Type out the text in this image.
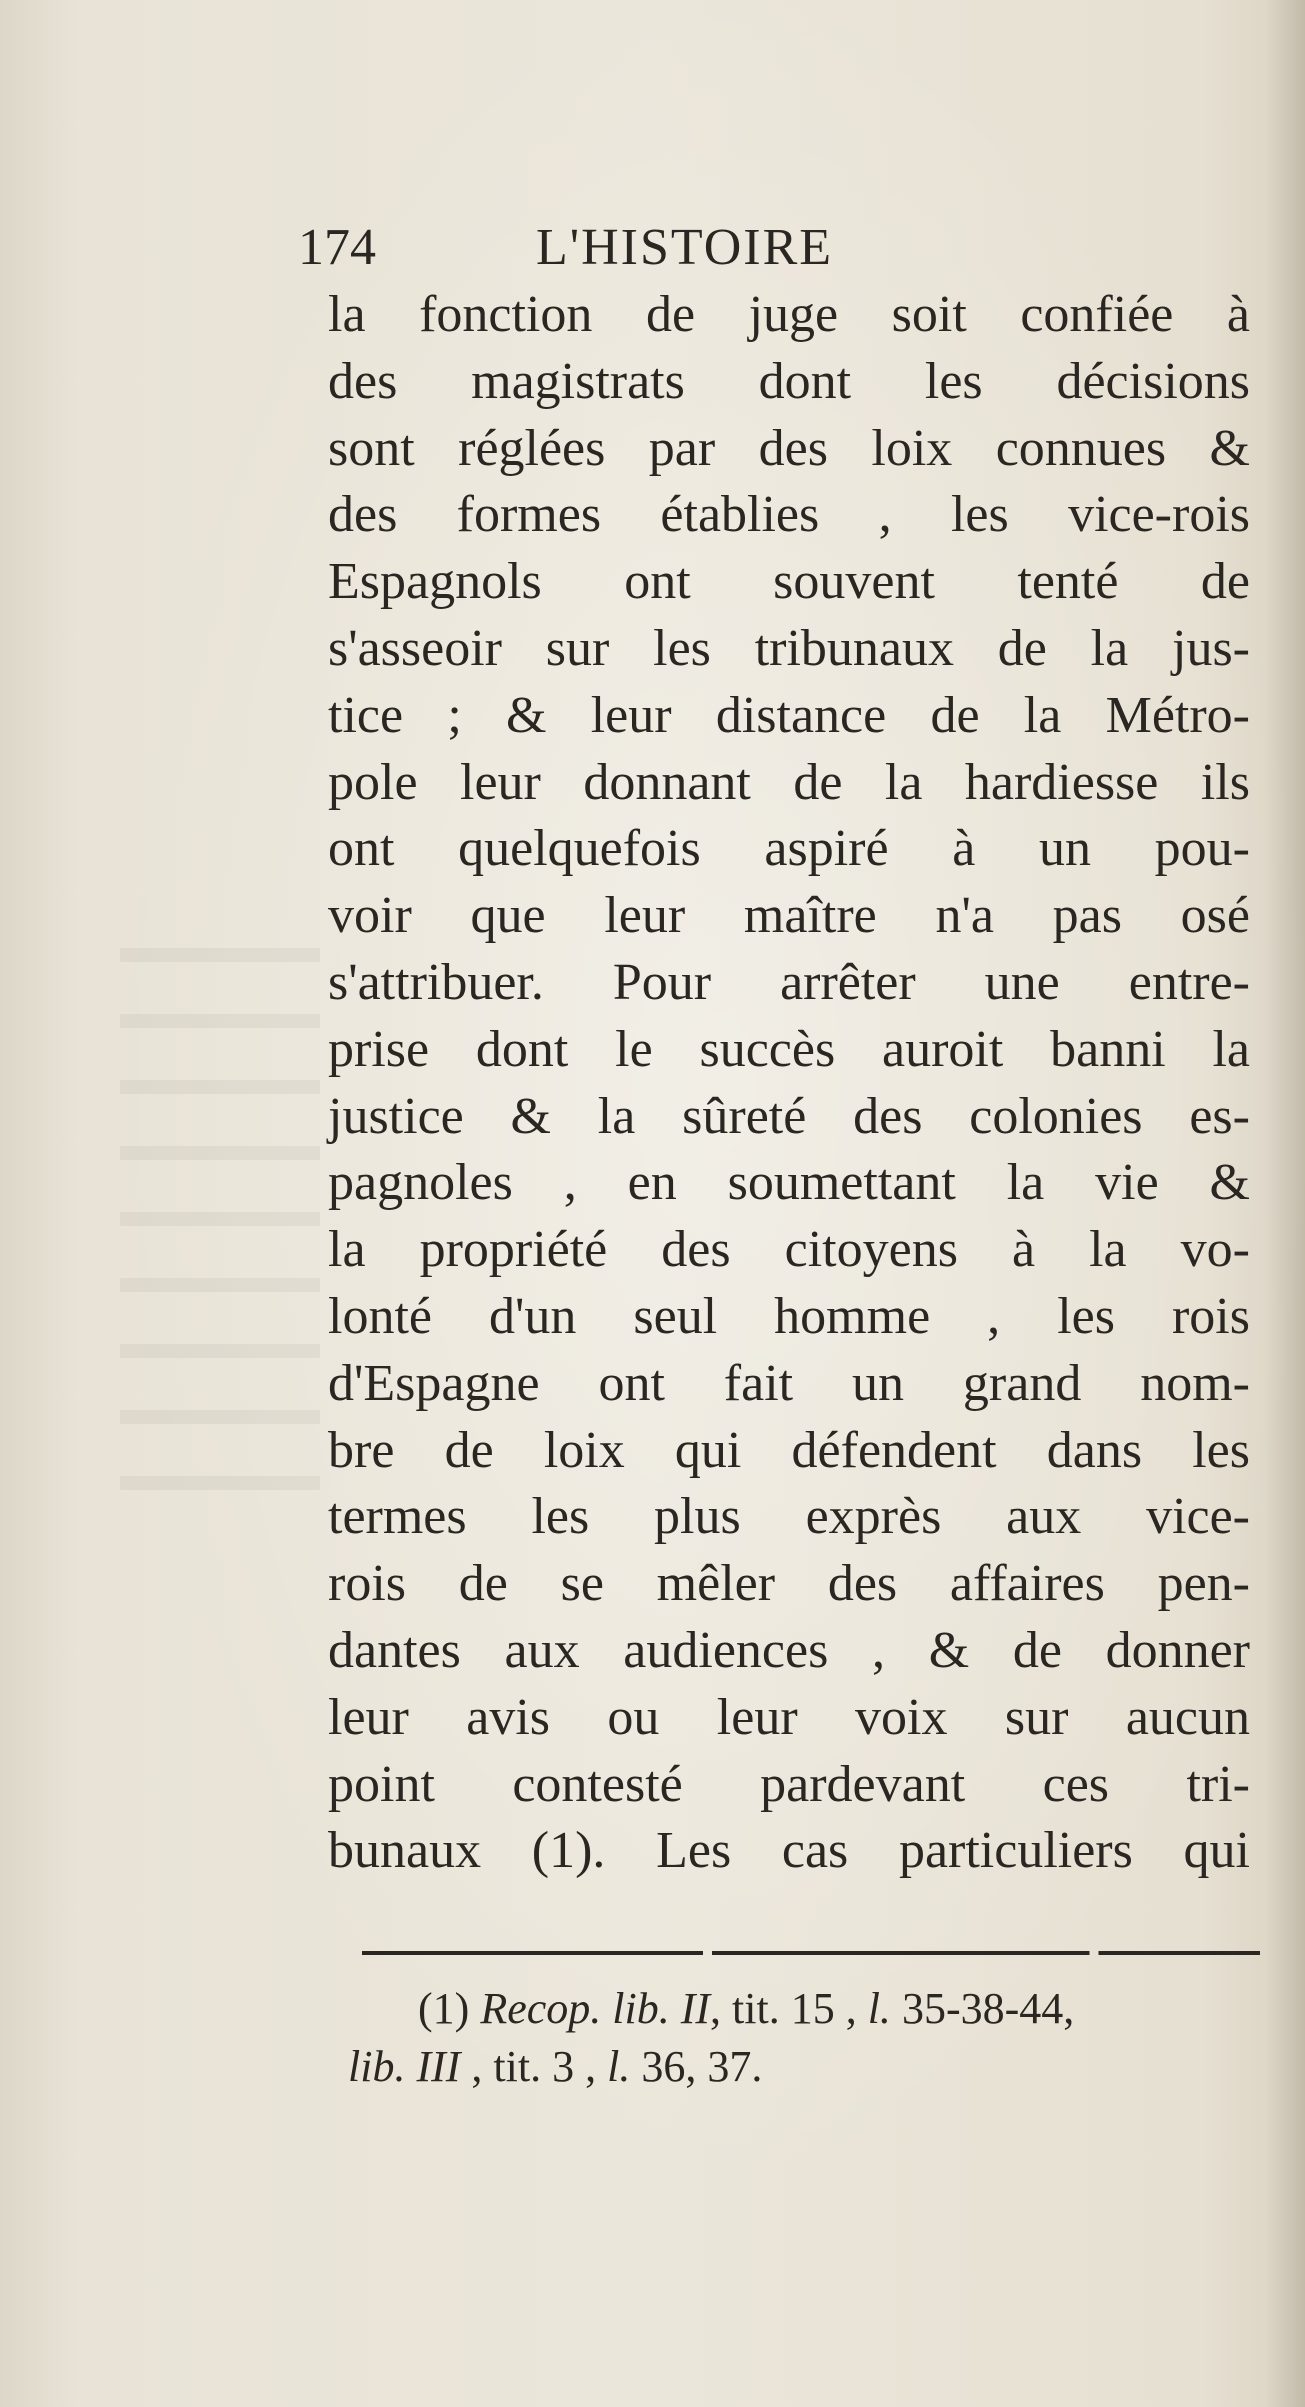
174	L'HISTOIRE
la fonction de juge soit confiée à
des magistrats dont les décisions
sont réglées par des loix connues &
des formes établies , les vice-rois
Espagnols ont souvent tenté de
s'asseoir sur les tribunaux de la jus-
tice ; & leur distance de la Métro-
pole leur donnant de la hardiesse ils
ont quelquefois aspiré à un pou-
voir que leur maître n'a pas osé
s'attribuer. Pour arrêter une entre-
prise dont le succès auroit banni la
justice & la sûreté des colonies es-
pagnoles , en soumettant la vie &
la propriété des citoyens à la vo-
lonté d'un seul homme , les rois
d'Espagne ont fait un grand nom-
bre de loix qui défendent dans les
termes les plus exprès aux vice-
rois de se mêler des affaires pen-
dantes aux audiences , & de donner
leur avis ou leur voix sur aucun
point contesté pardevant ces tri-
bunaux (1). Les cas particuliers qui
(1) Recop. lib. II, tit. 15 , l. 35-38-44,
lib. III , tit. 3 , l. 36, 37.
